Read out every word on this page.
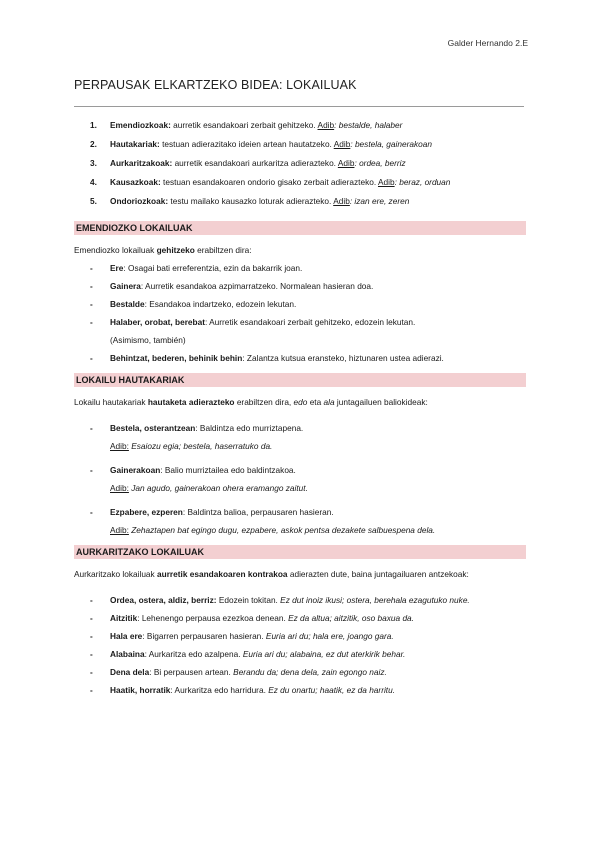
Galder Hernando 2.E
PERPAUSAK ELKARTZEKO BIDEA: LOKAILUAK
1. Emendiozkoak: aurretik esandakoari zerbait gehitzeko. Adib: bestalde, halaber
2. Hautakariak: testuan adierazitako ideien artean hautatzeko. Adib: bestela, gainerakoan
3. Aurkaritzakoak: aurretik esandakoari aurkaritza adierazteko. Adib: ordea, berriz
4. Kausazkoak: testuan esandakoaren ondorio gisako zerbait adierazteko. Adib: beraz, orduan
5. Ondoriozkoak: testu mailako kausazko loturak adierazteko. Adib: izan ere, zeren
EMENDIOZKO LOKAILUAK
Emendiozko lokailuak gehitzeko erabiltzen dira:
- Ere: Osagai bati erreferentzia, ezin da bakarrik joan.
- Gainera: Aurretik esandakoa azpimarratzeko. Normalean hasieran doa.
- Bestalde: Esandakoa indartzeko, edozein lekutan.
- Halaber, orobat, berebat: Aurretik esandakoari zerbait gehitzeko, edozein lekutan.
(Asimismo, también)
- Behintzat, bederen, behinik behin: Zalantza kutsua eransteko, hiztunaren ustea adierazi.
LOKAILU HAUTAKARIAK
Lokailu hautakariak hautaketa adierazteko erabiltzen dira, edo eta ala juntagailuen baliokideak:
- Bestela, osterantzean: Baldintza edo murriztapena.
Adib: Esaiozu egia; bestela, haserratuko da.
- Gainerakoan: Balio murriztailea edo baldintzakoa.
Adib: Jan agudo, gainerakoan ohera eramango zaitut.
- Ezpabere, ezperen: Baldintza balioa, perpausaren hasieran.
Adib: Zehaztapen bat egingo dugu, ezpabere, askok pentsa dezakete salbuespena dela.
AURKARITZAKO LOKAILUAK
Aurkaritzako lokailuak aurretik esandakoaren kontrakoa adierazten dute, baina juntagailuaren antzekoak:
- Ordea, ostera, aldiz, berriz: Edozein tokitan. Ez dut inoiz ikusi; ostera, berehala ezagutuko nuke.
- Aitzitik: Lehenengo perpausa ezezkoa denean. Ez da altua; aitzitik, oso baxua da.
- Hala ere: Bigarren perpausaren hasieran. Euria ari du; hala ere, joango gara.
- Alabaina: Aurkaritza edo azalpena. Euria ari du; alabaina, ez dut aterkirik behar.
- Dena dela: Bi perpausen artean. Berandu da; dena dela, zain egongo naiz.
- Haatik, horratik: Aurkaritza edo harridura. Ez du onartu; haatik, ez da harritu.
